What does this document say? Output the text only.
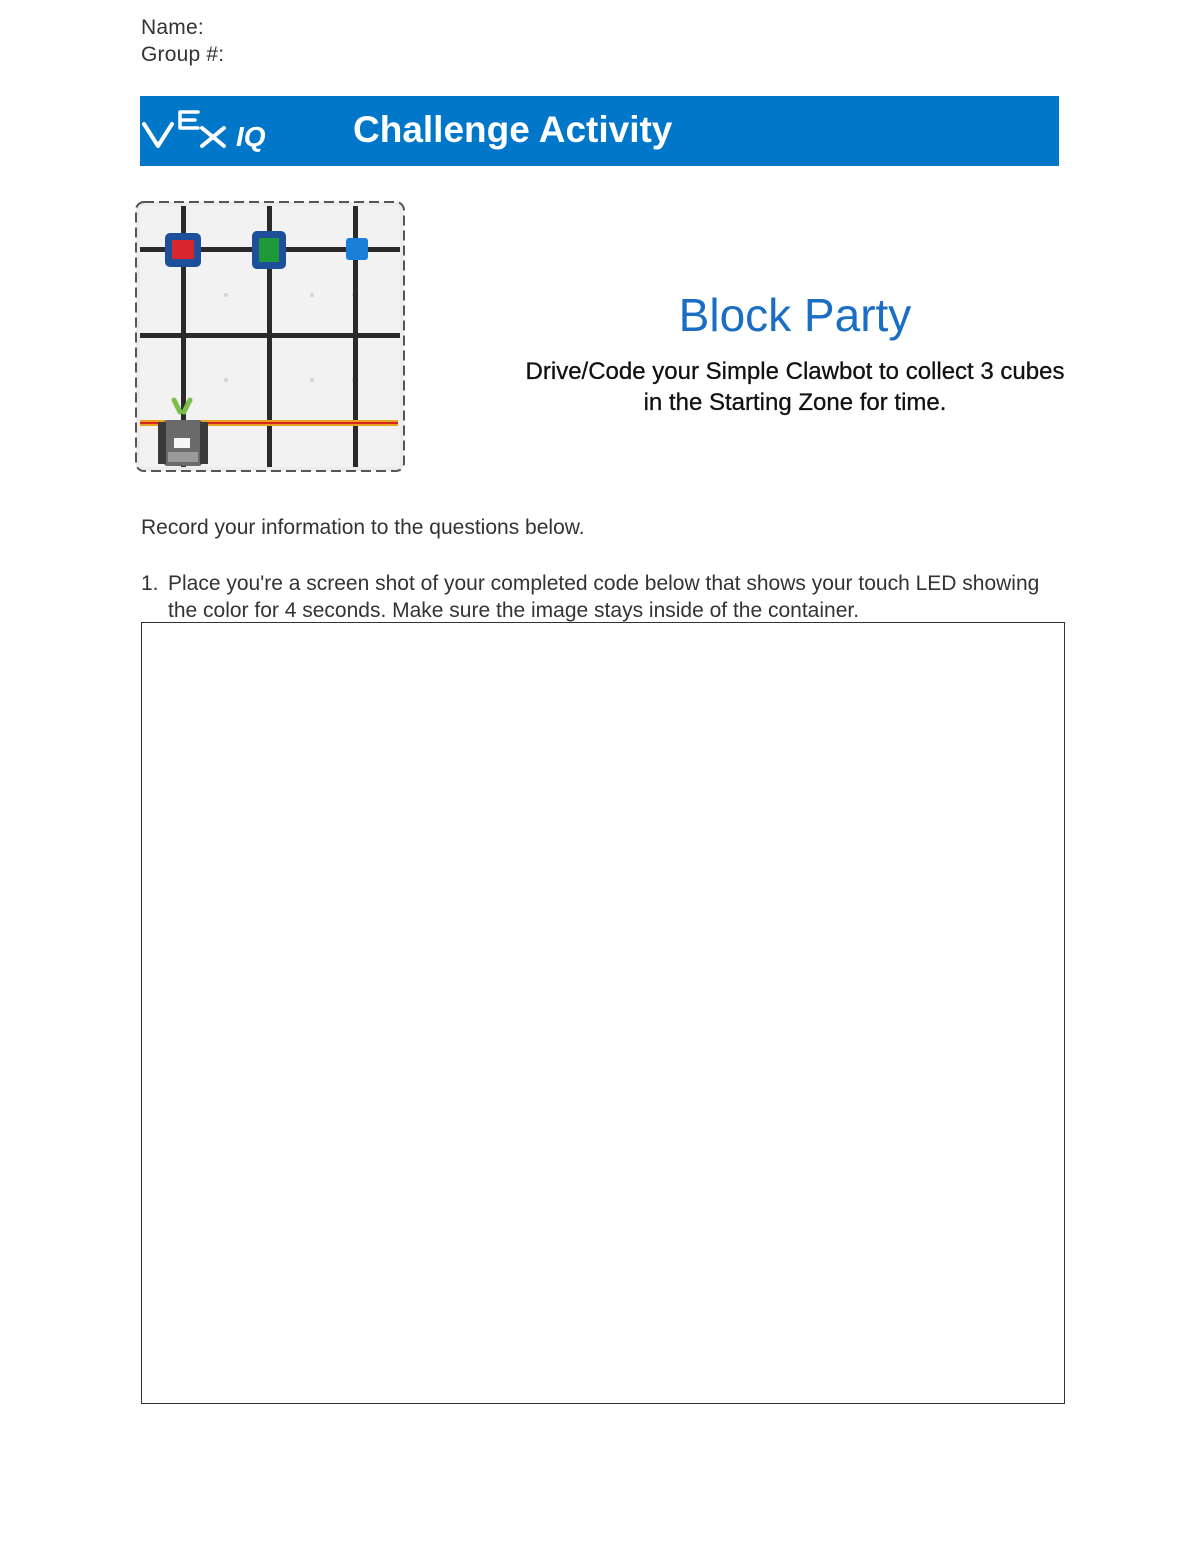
Name:
Group #:
IQ Challenge Activity
Block Party
Drive/Code your Simple Clawbot to collect 3 cubes
in the Starting Zone for time.
Record your information to the questions below.
1. Place you're a screen shot of your completed code below that shows your touch LED showing the color for 4 seconds. Make sure the image stays inside of the container.
